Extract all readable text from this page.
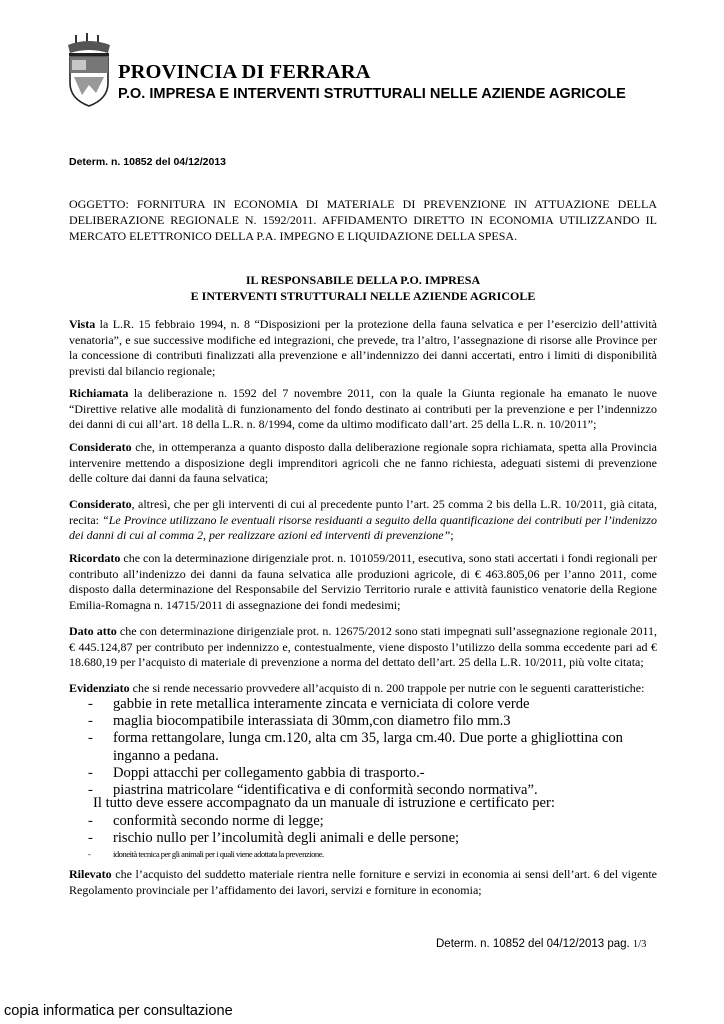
PROVINCIA DI FERRARA
P.O. IMPRESA E INTERVENTI STRUTTURALI NELLE AZIENDE AGRICOLE
Determ. n. 10852 del 04/12/2013
OGGETTO: FORNITURA IN ECONOMIA DI MATERIALE DI PREVENZIONE IN ATTUAZIONE DELLA DELIBERAZIONE REGIONALE N. 1592/2011. AFFIDAMENTO DIRETTO IN ECONOMIA UTILIZZANDO IL MERCATO ELETTRONICO DELLA P.A. IMPEGNO E LIQUIDAZIONE DELLA SPESA.
IL RESPONSABILE DELLA P.O. IMPRESA
E INTERVENTI STRUTTURALI NELLE AZIENDE AGRICOLE
Vista la L.R. 15 febbraio 1994, n. 8 “Disposizioni per la protezione della fauna selvatica e per l’esercizio dell’attività venatoria”, e sue successive modifiche ed integrazioni, che prevede, tra l’altro, l’assegnazione di risorse alle Province per la concessione di contributi finalizzati alla prevenzione e all’indennizzo dei danni accertati, entro i limiti di disponibilità previsti dal bilancio regionale;
Richiamata la deliberazione n. 1592 del 7 novembre 2011, con la quale la Giunta regionale ha emanato le nuove “Direttive relative alle modalità di funzionamento del fondo destinato ai contributi per la prevenzione e per l’indennizzo dei danni di cui all’art. 18 della L.R. n. 8/1994, come da ultimo modificato dall’art. 25 della L.R. n. 10/2011”;
Considerato che, in ottemperanza a quanto disposto dalla deliberazione regionale sopra richiamata, spetta alla Provincia intervenire mettendo a disposizione degli imprenditori agricoli che ne fanno richiesta, adeguati sistemi di prevenzione delle colture dai danni da fauna selvatica;
Considerato, altresì, che per gli interventi di cui al precedente punto l’art. 25 comma 2 bis della L.R. 10/2011, già citata, recita: “Le Province utilizzano le eventuali risorse residuanti a seguito della quantificazione dei contributi per l’indenizzo dei danni di cui al comma 2, per realizzare azioni ed interventi di prevenzione”;
Ricordato che con la determinazione dirigenziale prot. n. 101059/2011, esecutiva, sono stati accertati i fondi regionali per contributo all’indenizzo dei danni da fauna selvatica alle produzioni agricole, di € 463.805,06 per l’anno 2011, come disposto dalla determinazione del Responsabile del Servizio Territorio rurale e attività faunistico venatorie della Regione Emilia-Romagna n. 14715/2011 di assegnazione dei fondi medesimi;
Dato atto che con determinazione dirigenziale prot. n. 12675/2012 sono stati impegnati sull’assegnazione regionale 2011, € 445.124,87 per contributo per indennizzo e, contestualmente, viene disposto l’utilizzo della somma eccedente pari ad € 18.680,19 per l’acquisto di materiale di prevenzione a norma del dettato dell’art. 25 della L.R. 10/2011, più volte citata;
Evidenziato che si rende necessario provvedere all’acquisto di n. 200 trappole per nutrie con le seguenti caratteristiche:
- gabbie in rete metallica interamente zincata e verniciata di colore verde
- maglia biocompatibile interassiata di 30mm,con diametro filo mm.3
- forma rettangolare, lunga cm.120, alta cm 35, larga cm.40. Due porte a ghigliottina con inganno a pedana.
- Doppi attacchi per collegamento gabbia di trasporto.-
- piastrina matricolare “identificativa e di conformità secondo normativa”.
Il tutto deve essere accompagnato da un manuale di istruzione e certificato per:
- conformità secondo norme di legge;
- rischio nullo per l’incolumità degli animali e delle persone;
-	idoneità tecnica per gli animali per i quali viene adottata la prevenzione.
Rilevato che l’acquisto del suddetto materiale rientra nelle forniture e servizi in economia ai sensi dell’art. 6 del vigente Regolamento provinciale per l’affidamento dei lavori, servizi e forniture in economia;
Determ. n. 10852 del 04/12/2013 pag. 1/3
copia informatica per consultazione
